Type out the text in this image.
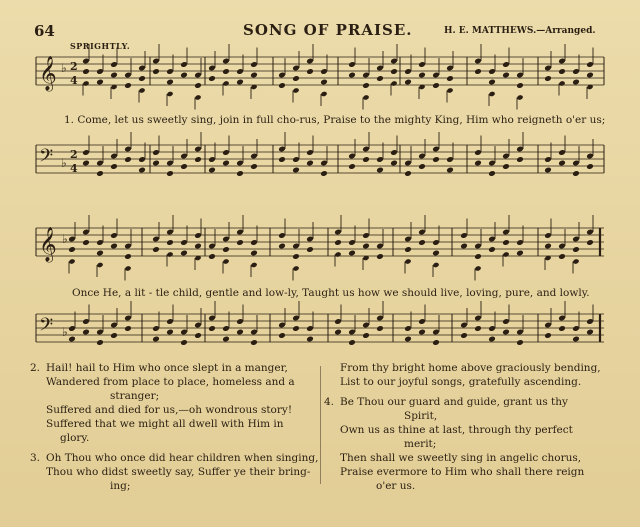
64	SONG OF PRAISE.	H. E. MATTHEWS.—Arranged.
SPRIGHTLY.
𝄞 2
4
♭
𝄢 2
4
♭
𝄞 ♭
𝄢 ♭
1. Come, let us sweetly sing, join in full cho-rus, Praise to the mighty King, Him who reigneth o'er us;
Once He, a lit - tle child, gentle and low-ly, Taught us how we should live, loving, pure, and lowly.
2. Hail! hail to Him who once slept in a manger,
Wandered from place to place, homeless and a
stranger;
Suffered and died for us,—oh wondrous story!
Suffered that we might all dwell with Him in
glory.
3. Oh Thou who once did hear children when singing,
Thou who didst sweetly say, Suffer ye their bring-
ing;
From thy bright home above graciously bending,
List to our joyful songs, gratefully ascending.
4. Be Thou our guard and guide, grant us thy
Spirit,
Own us as thine at last, through thy perfect
merit;
Then shall we sweetly sing in angelic chorus,
Praise evermore to Him who shall there reign
o'er us.
